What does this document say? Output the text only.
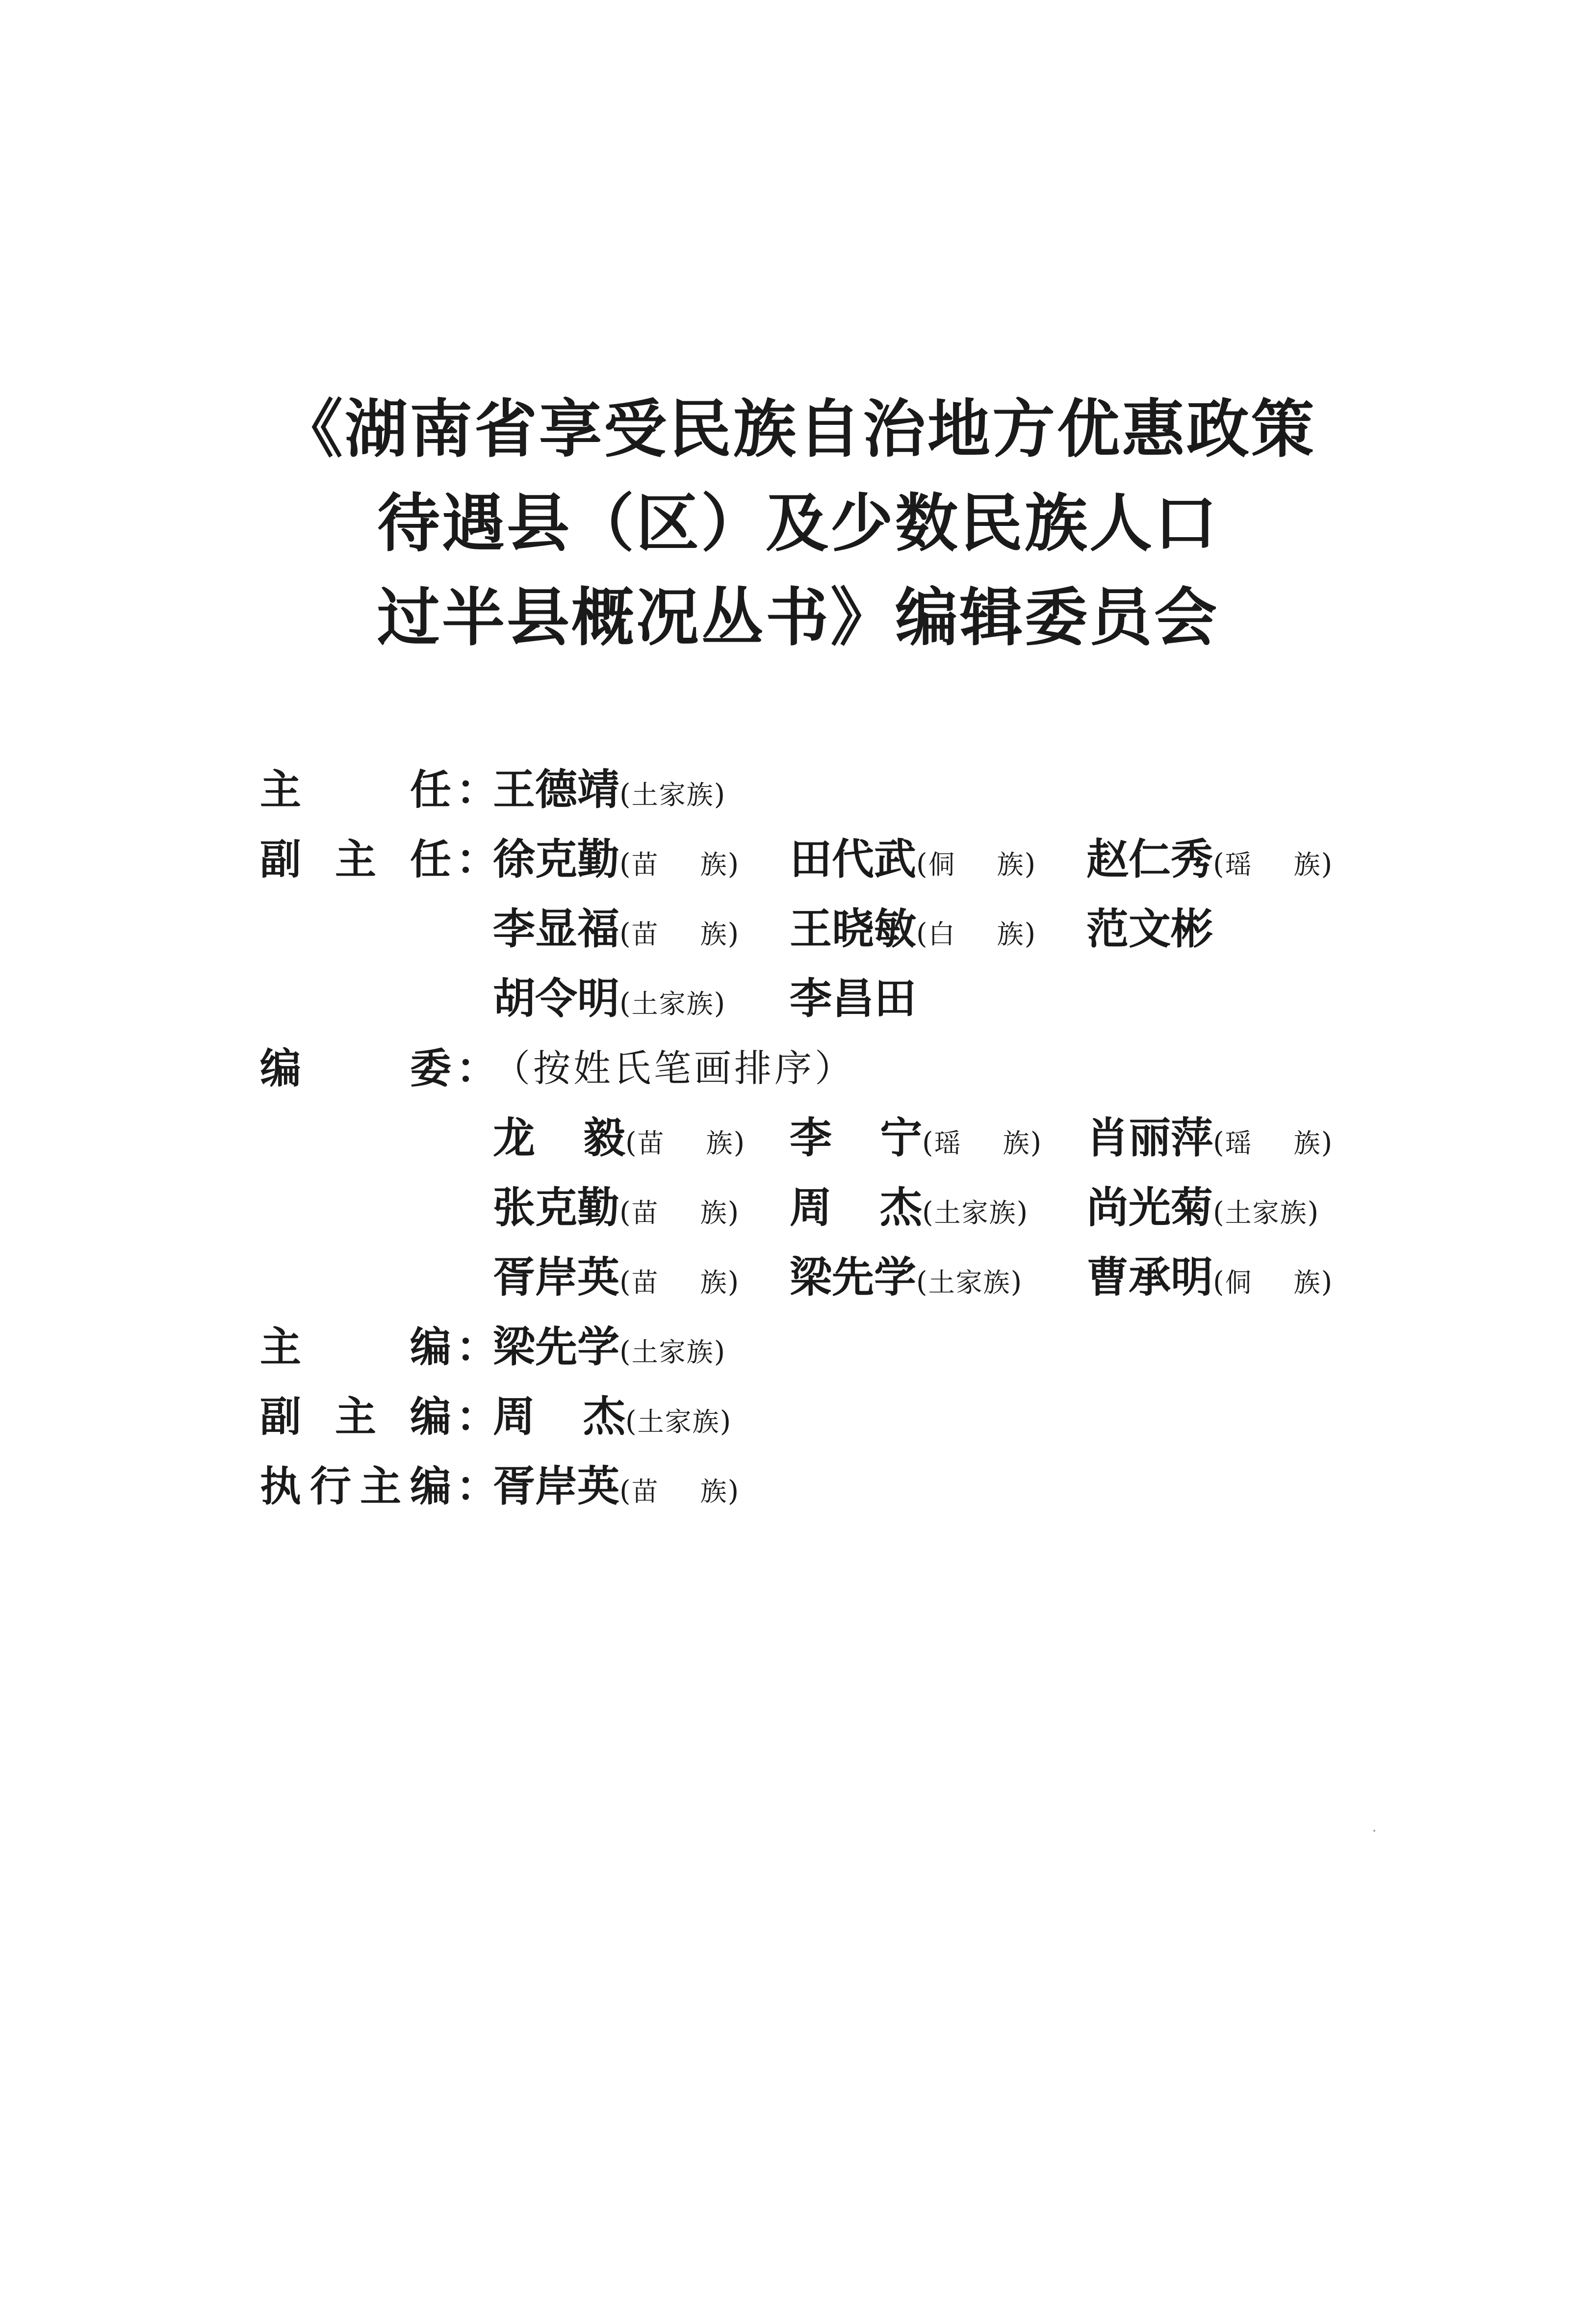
《湖南省享受民族自治地方优惠政策
待遇县（区）及少数民族人口
过半县概况丛书》编辑委员会
主任 ：
王德靖(土家族)
副主任 ：
徐克勤(苗族) 田代武(侗族) 赵仁秀(瑶族)
李显福(苗族) 王晓敏(白族) 范文彬
胡令明(土家族) 李昌田
编委 ：
（按姓氏笔画排序）
龙毅(苗族) 李宁(瑶族) 肖丽萍(瑶族)
张克勤(苗族) 周杰(土家族) 尚光菊(土家族)
胥岸英(苗族) 梁先学(土家族) 曹承明(侗族)
主编 ：
梁先学(土家族)
副主编 ：
周杰(土家族)
执行主编 ：
胥岸英(苗族)
